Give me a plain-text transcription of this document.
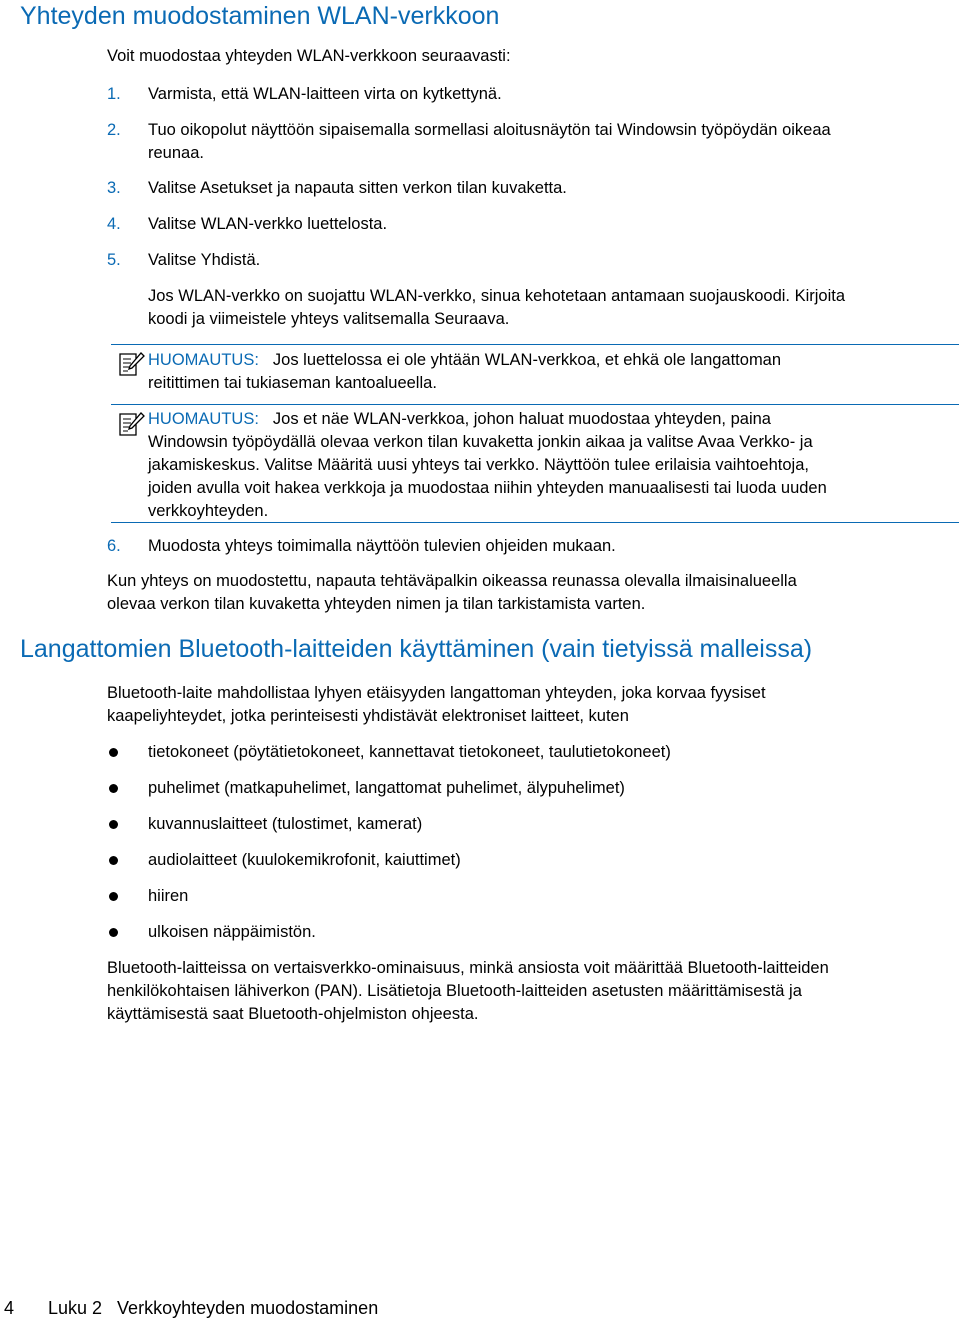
Yhteyden muodostaminen WLAN-verkkoon

Voit muodostaa yhteyden WLAN-verkkoon seuraavasti:

1. Varmista, että WLAN-laitteen virta on kytkettynä.
2. Tuo oikopolut näyttöön sipaisemalla sormellasi aloitusnäytön tai Windowsin työpöydän oikeaa
reunaa.
3. Valitse Asetukset ja napauta sitten verkon tilan kuvaketta.
4. Valitse WLAN-verkko luettelosta.
5. Valitse Yhdistä.
Jos WLAN-verkko on suojattu WLAN-verkko, sinua kehotetaan antamaan suojauskoodi. Kirjoita
koodi ja viimeistele yhteys valitsemalla Seuraava.
HUOMAUTUS: Jos luettelossa ei ole yhtään WLAN-verkkoa, et ehkä ole langattoman
reitittimen tai tukiaseman kantoalueella.
HUOMAUTUS: Jos et näe WLAN-verkkoa, johon haluat muodostaa yhteyden, paina
Windowsin työpöydällä olevaa verkon tilan kuvaketta jonkin aikaa ja valitse Avaa Verkko- ja
jakamiskeskus. Valitse Määritä uusi yhteys tai verkko. Näyttöön tulee erilaisia vaihtoehtoja,
joiden avulla voit hakea verkkoja ja muodostaa niihin yhteyden manuaalisesti tai luoda uuden
verkkoyhteyden.
6. Muodosta yhteys toimimalla näyttöön tulevien ohjeiden mukaan.

Kun yhteys on muodostettu, napauta tehtäväpalkin oikeassa reunassa olevalla ilmaisinalueella

olevaa verkon tilan kuvaketta yhteyden nimen ja tilan tarkistamista varten.

Langattomien Bluetooth-laitteiden käyttäminen (vain tietyissä malleissa)

Bluetooth-laite mahdollistaa lyhyen etäisyyden langattoman yhteyden, joka korvaa fyysiset

kaapeliyhteydet, jotka perinteisesti yhdistävät elektroniset laitteet, kuten

tietokoneet (pöytätietokoneet, kannettavat tietokoneet, taulutietokoneet)
puhelimet (matkapuhelimet, langattomat puhelimet, älypuhelimet)
kuvannuslaitteet (tulostimet, kamerat)
audiolaitteet (kuulokemikrofonit, kaiuttimet)
hiiren
ulkoisen näppäimistön.

Bluetooth-laitteissa on vertaisverkko-ominaisuus, minkä ansiosta voit määrittää Bluetooth-laitteiden

henkilökohtaisen lähiverkon (PAN). Lisätietoja Bluetooth-laitteiden asetusten määrittämisestä ja

käyttämisestä saat Bluetooth-ohjelmiston ohjeesta.

4 Luku 2   Verkkoyhteyden muodostaminen
